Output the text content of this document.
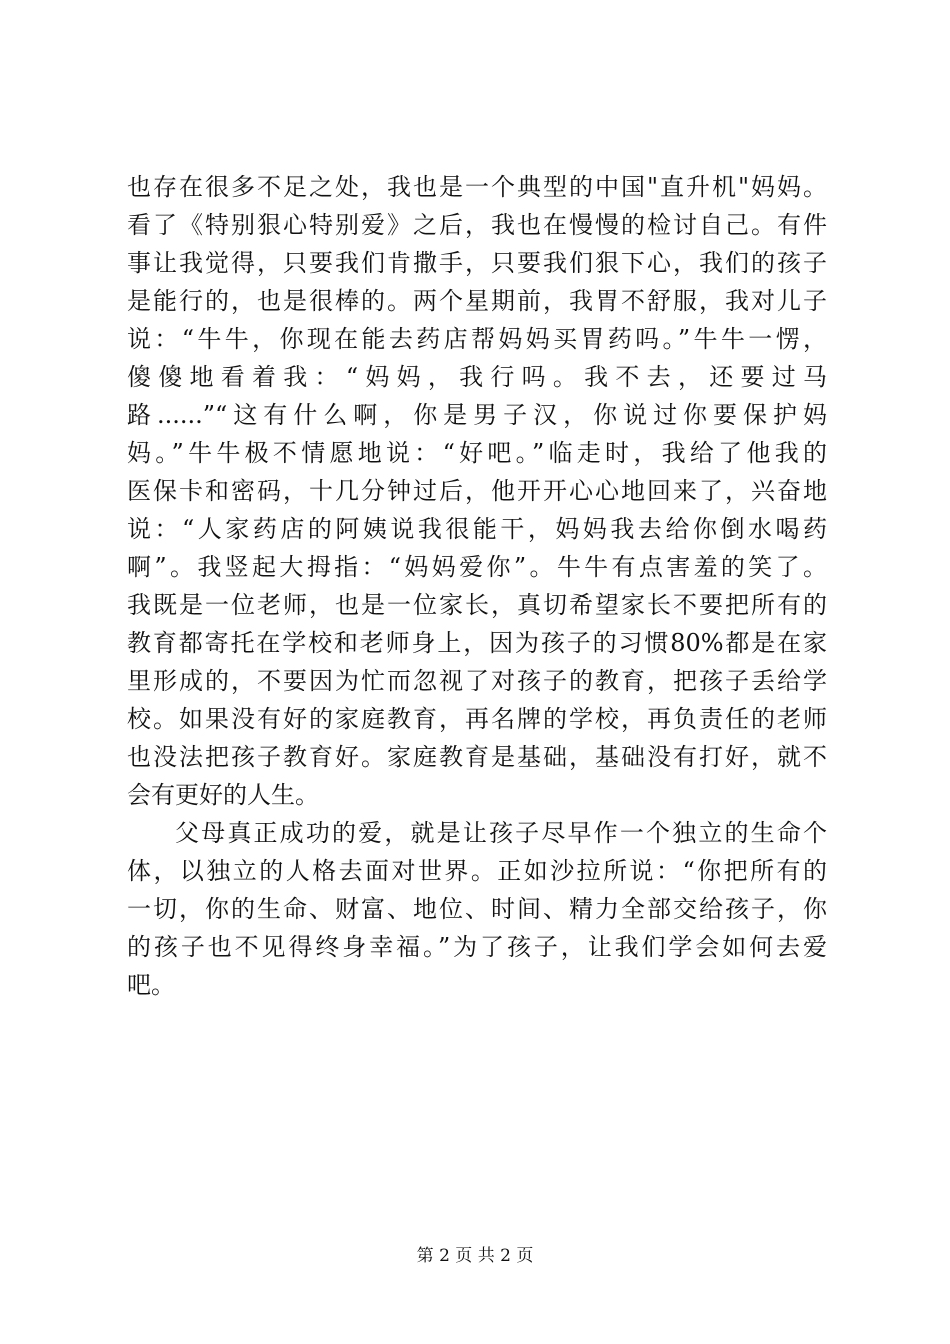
也存在很多不足之处，我也是一个典型的中国"直升机"妈妈。
看了《特别狠心特别爱》之后，我也在慢慢的检讨自己。有件
事让我觉得，只要我们肯撒手，只要我们狠下心，我们的孩子
是能行的，也是很棒的。两个星期前，我胃不舒服，我对儿子
说：“牛牛，你现在能去药店帮妈妈买胃药吗。”牛牛一愣，
傻傻地看着我：“妈妈，我行吗。我不去，还要过马
路......”“这有什么啊，你是男子汉，你说过你要保护妈
妈。”牛牛极不情愿地说：“好吧。”临走时，我给了他我的
医保卡和密码，十几分钟过后，他开开心心地回来了，兴奋地
说：“人家药店的阿姨说我很能干，妈妈我去给你倒水喝药
啊”。我竖起大拇指：“妈妈爱你”。牛牛有点害羞的笑了。
我既是一位老师，也是一位家长，真切希望家长不要把所有的
教育都寄托在学校和老师身上，因为孩子的习惯80%都是在家
里形成的，不要因为忙而忽视了对孩子的教育，把孩子丢给学
校。如果没有好的家庭教育，再名牌的学校，再负责任的老师
也没法把孩子教育好。家庭教育是基础，基础没有打好，就不
会有更好的人生。
父母真正成功的爱，就是让孩子尽早作一个独立的生命个
体，以独立的人格去面对世界。正如沙拉所说：“你把所有的
一切，你的生命、财富、地位、时间、精力全部交给孩子，你
的孩子也不见得终身幸福。”为了孩子，让我们学会如何去爱
吧。
第 2 页 共 2 页
